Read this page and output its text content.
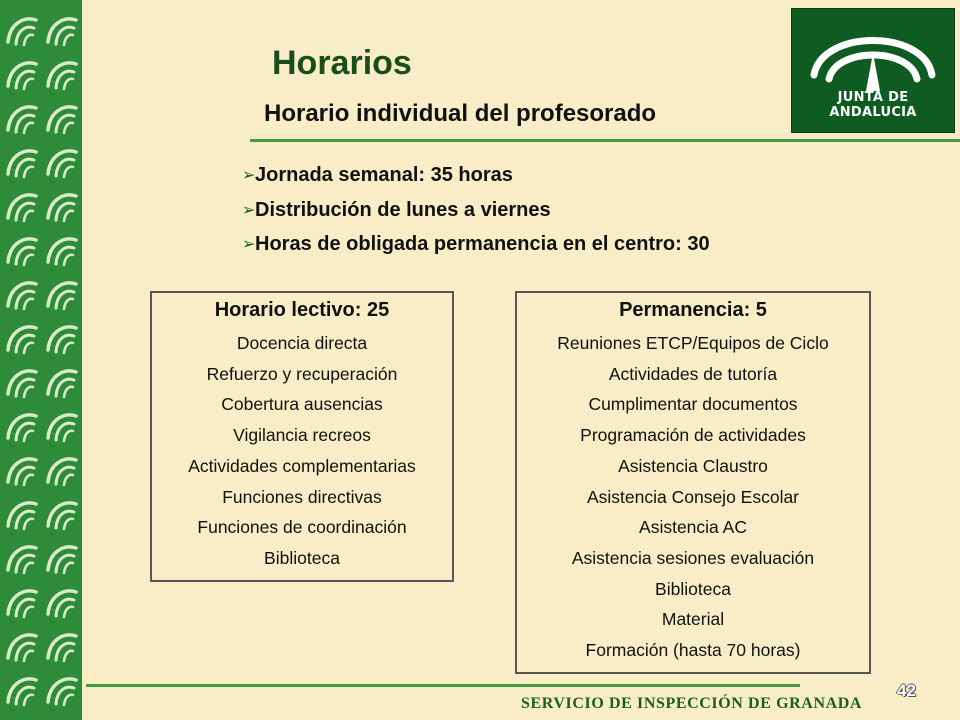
JUNTA DE ANDALUCIA
Horarios
Horario individual del profesorado
➢Jornada semanal: 35 horas
➢Distribución de lunes a viernes
➢Horas de obligada permanencia en el centro: 30
Horario lectivo: 25
Docencia directa
Refuerzo y recuperación
Cobertura ausencias
Vigilancia recreos
Actividades complementarias
Funciones directivas
Funciones de coordinación
Biblioteca
Permanencia: 5
Reuniones ETCP/Equipos de Ciclo
Actividades de tutoría
Cumplimentar documentos
Programación de actividades
Asistencia Claustro
Asistencia Consejo Escolar
Asistencia AC
Asistencia sesiones evaluación
Biblioteca
Material
Formación (hasta 70 horas)
SERVICIO DE INSPECCIÓN DE GRANADA
42
